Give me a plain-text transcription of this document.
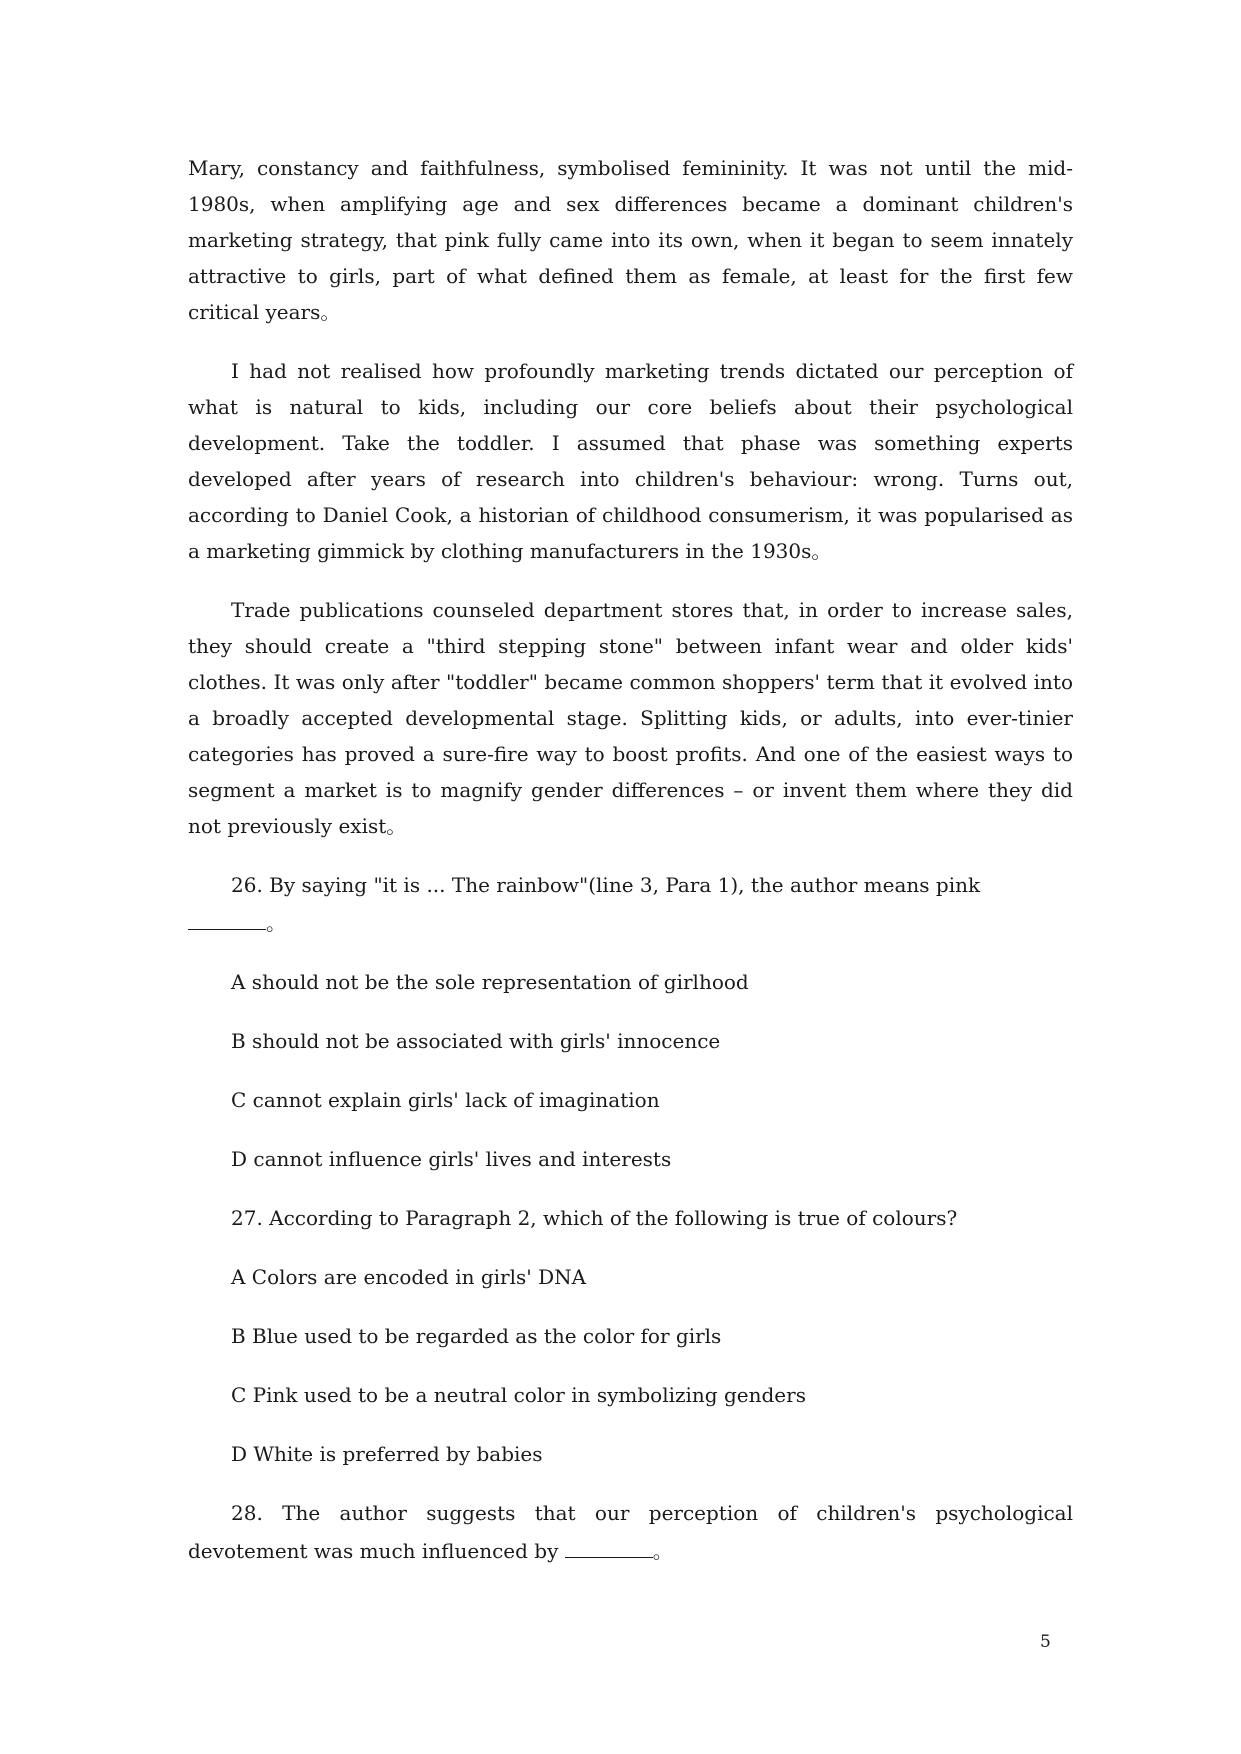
Mary, constancy and faithfulness, symbolised femininity. It was not until the mid-1980s, when amplifying age and sex differences became a dominant children's marketing strategy, that pink fully came into its own, when it began to seem innately attractive to girls, part of what defined them as female, at least for the first few critical years。

I had not realised how profoundly marketing trends dictated our perception of what is natural to kids, including our core beliefs about their psychological development. Take the toddler. I assumed that phase was something experts developed after years of research into children's behaviour: wrong. Turns out, according to Daniel Cook, a historian of childhood consumerism, it was popularised as a marketing gimmick by clothing manufacturers in the 1930s。

Trade publications counseled department stores that, in order to increase sales, they should create a "third stepping stone" between infant wear and older kids' clothes. It was only after "toddler" became common shoppers' term that it evolved into a broadly accepted developmental stage. Splitting kids, or adults, into ever-tinier categories has proved a sure-fire way to boost profits. And one of the easiest ways to segment a market is to magnify gender differences – or invent them where they did not previously exist。

26. By saying "it is ... The rainbow"(line 3, Para 1), the author means pink
。

A should not be the sole representation of girlhood

B should not be associated with girls' innocence

C cannot explain girls' lack of imagination

D cannot influence girls' lives and interests

27. According to Paragraph 2, which of the following is true of colours?

A Colors are encoded in girls' DNA

B Blue used to be regarded as the color for girls

C Pink used to be a neutral color in symbolizing genders

D White is preferred by babies

28. The author suggests that our perception of children's psychological devotement was much influenced by	。

5
